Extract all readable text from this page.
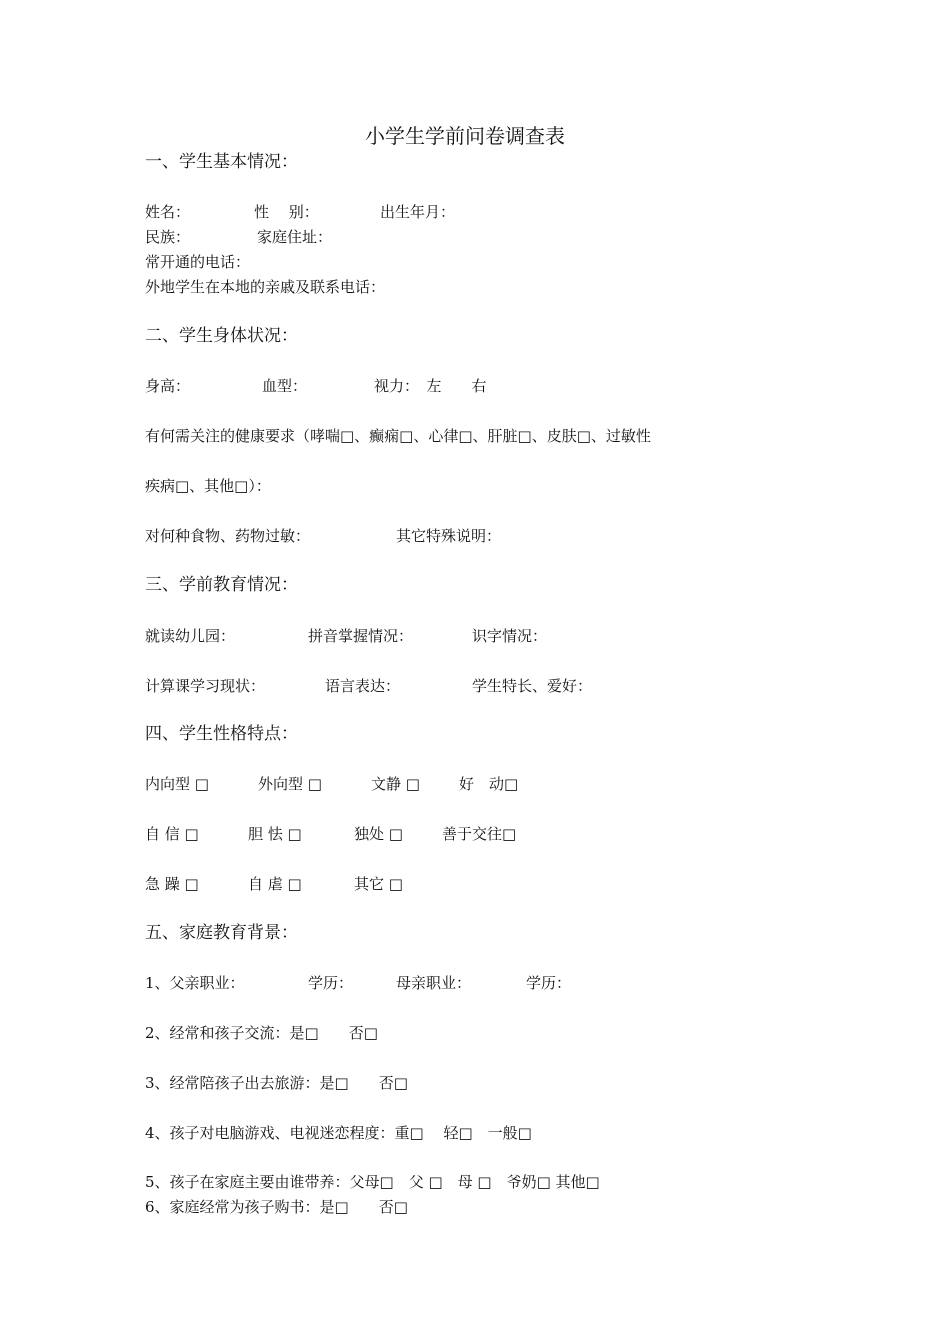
小学生学前问卷调查表
一、学生基本情况：
姓名：	性　 别：	出生年月：
民族：	家庭住址：
常开通的电话：
外地学生在本地的亲戚及联系电话：
二、学生身体状况：
身高：	血型：	视力：　左　　右
有何需关注的健康要求（哮喘□、癫痫□、心律□、肝脏□、皮肤□、过敏性
疾病□、其他□）：
对何种食物、药物过敏：	其它特殊说明：
三、学前教育情况：
就读幼儿园：	拼音掌握情况：	识字情况：
计算课学习现状：	语言表达：	学生特长、爱好：
四、学生性格特点：
内向型 □	外向型 □	文静 □	好　动□
自 信 □	胆 怯 □	独处 □	善于交往□
急 躁 □	自 虐 □	其它 □
五、家庭教育背景：
1、父亲职业：	学历：	母亲职业：	学历：
2、经常和孩子交流：是□　　否□
3、经常陪孩子出去旅游：是□　　否□
4、孩子对电脑游戏、电视迷恋程度：重□　 轻□　一般□
5、孩子在家庭主要由谁带养：父母□　父 □　母 □　爷奶□ 其他□
6、家庭经常为孩子购书：是□　　否□
